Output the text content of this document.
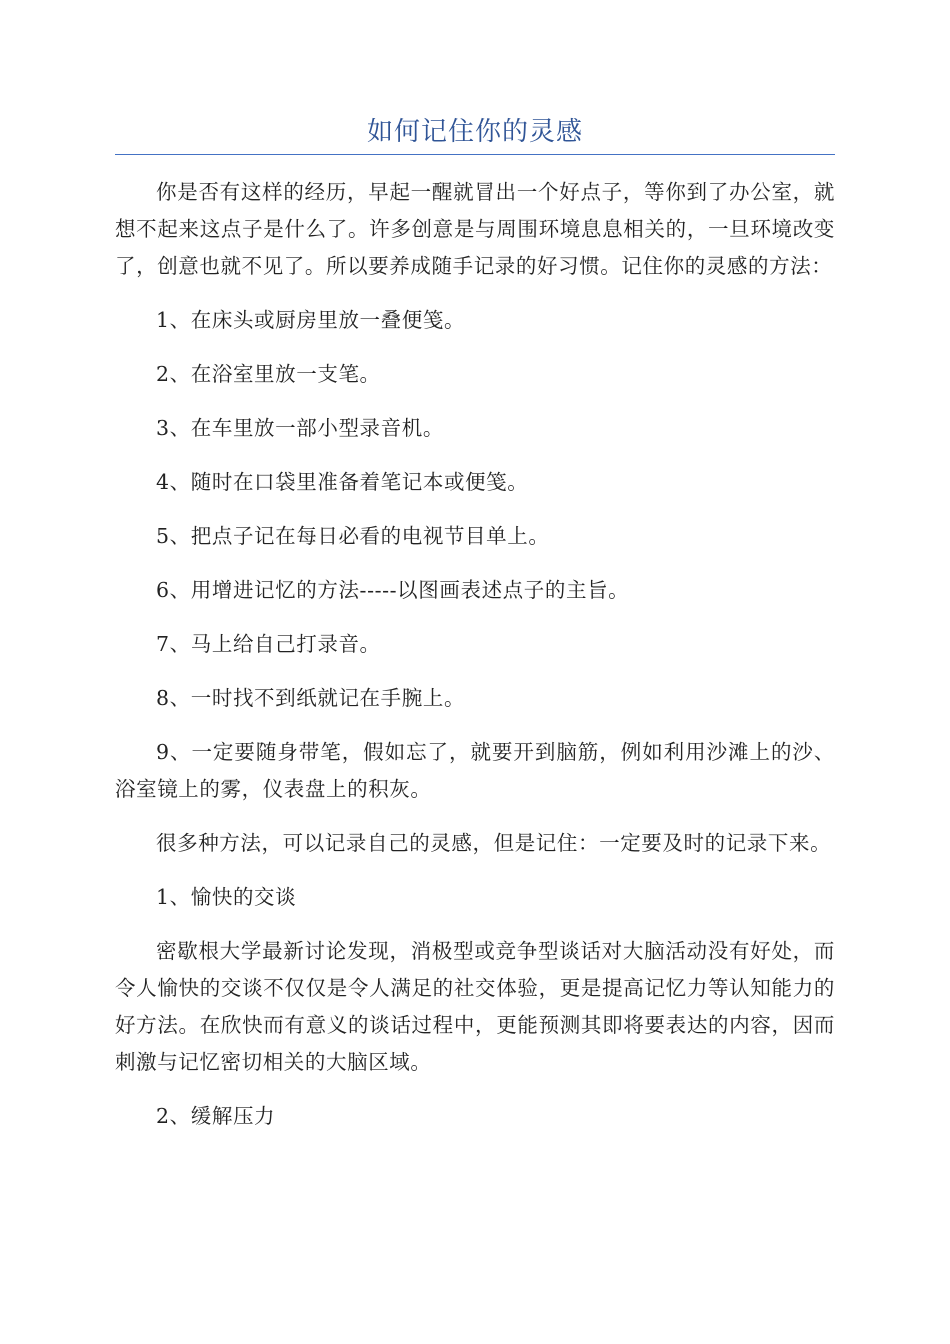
如何记住你的灵感

你是否有这样的经历，早起一醒就冒出一个好点子，等你到了办公室，就想不起来这点子是什么了。许多创意是与周围环境息息相关的，一旦环境改变了，创意也就不见了。所以要养成随手记录的好习惯。记住你的灵感的方法：

1、在床头或厨房里放一叠便笺。

2、在浴室里放一支笔。

3、在车里放一部小型录音机。

4、随时在口袋里准备着笔记本或便笺。

5、把点子记在每日必看的电视节目单上。

6、用增进记忆的方法-----以图画表述点子的主旨。

7、马上给自己打录音。

8、一时找不到纸就记在手腕上。

9、一定要随身带笔，假如忘了，就要开到脑筋，例如利用沙滩上的沙、浴室镜上的雾，仪表盘上的积灰。

很多种方法，可以记录自己的灵感，但是记住：一定要及时的记录下来。

1、愉快的交谈

密歇根大学最新讨论发现，消极型或竞争型谈话对大脑活动没有好处，而令人愉快的交谈不仅仅是令人满足的社交体验，更是提高记忆力等认知能力的好方法。在欣快而有意义的谈话过程中，更能预测其即将要表达的内容，因而刺激与记忆密切相关的大脑区域。

2、缓解压力
